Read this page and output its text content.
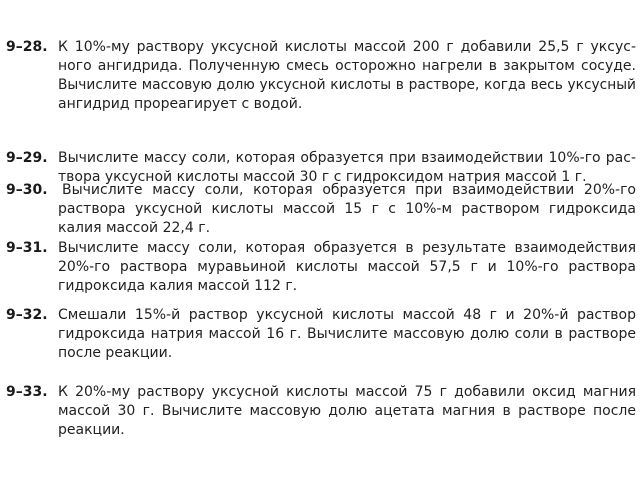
9–28. К 10%-му раствору уксусной кислоты массой 200 г добавили 25,5 г уксус-
ного ангидрида. Полученную смесь осторожно нагрели в закрытом сосуде.
Вычислите массовую долю уксусной кислоты в растворе, когда весь уксусный
ангидрид прореагирует с водой.
9–29. Вычислите массу соли, которая образуется при взаимодействии 10%-го рас-
твора уксусной кислоты массой 30 г с гидроксидом натрия массой 1 г.
9–30. Вычислите массу соли, которая образуется при взаимодействии 20%-го
раствора уксусной кислоты массой 15 г с 10%-м раствором гидроксида
калия массой 22,4 г.
9–31. Вычислите массу соли, которая образуется в результате взаимодействия
20%-го раствора муравьиной кислоты массой 57,5 г и 10%-го раствора
гидроксида калия массой 112 г.
9–32. Смешали 15%-й раствор уксусной кислоты массой 48 г и 20%-й раствор
гидроксида натрия массой 16 г. Вычислите массовую долю соли в растворе
после реакции.
9–33. К 20%-му раствору уксусной кислоты массой 75 г добавили оксид магния
массой 30 г. Вычислите массовую долю ацетата магния в растворе после
реакции.
